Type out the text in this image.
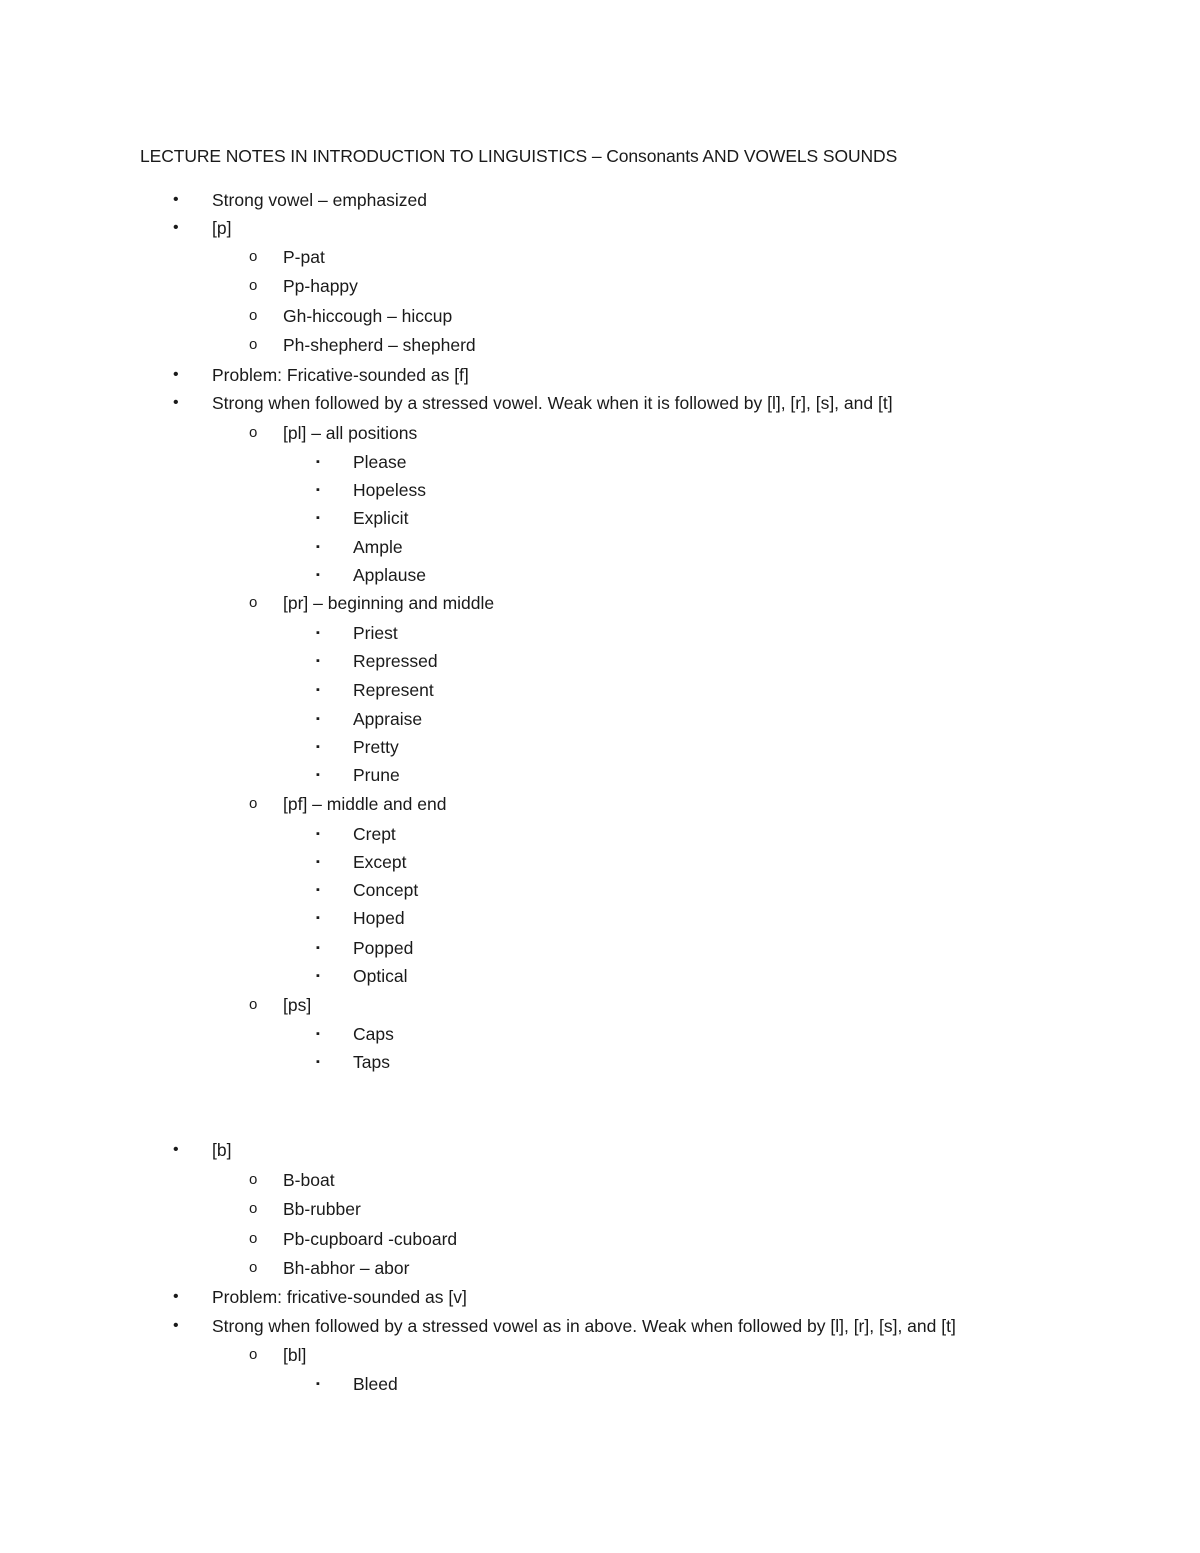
LECTURE NOTES IN INTRODUCTION TO LINGUISTICS – Consonants AND VOWELS SOUNDS
• Strong vowel – emphasized
• [p]
o P-pat
o Pp-happy
o Gh-hiccough – hiccup
o Ph-shepherd – shepherd
• Problem: Fricative-sounded as [f]
• Strong when followed by a stressed vowel. Weak when it is followed by [l], [r], [s], and [t]
o [pl] – all positions
▪ Please
▪ Hopeless
▪ Explicit
▪ Ample
▪ Applause
o [pr] – beginning and middle
▪ Priest
▪ Repressed
▪ Represent
▪ Appraise
▪ Pretty
▪ Prune
o [pf] – middle and end
▪ Crept
▪ Except
▪ Concept
▪ Hoped
▪ Popped
▪ Optical
o [ps]
▪ Caps
▪ Taps
• [b]
o B-boat
o Bb-rubber
o Pb-cupboard -cuboard
o Bh-abhor – abor
• Problem: fricative-sounded as [v]
• Strong when followed by a stressed vowel as in above. Weak when followed by [l], [r], [s], and [t]
o [bl]
▪ Bleed
